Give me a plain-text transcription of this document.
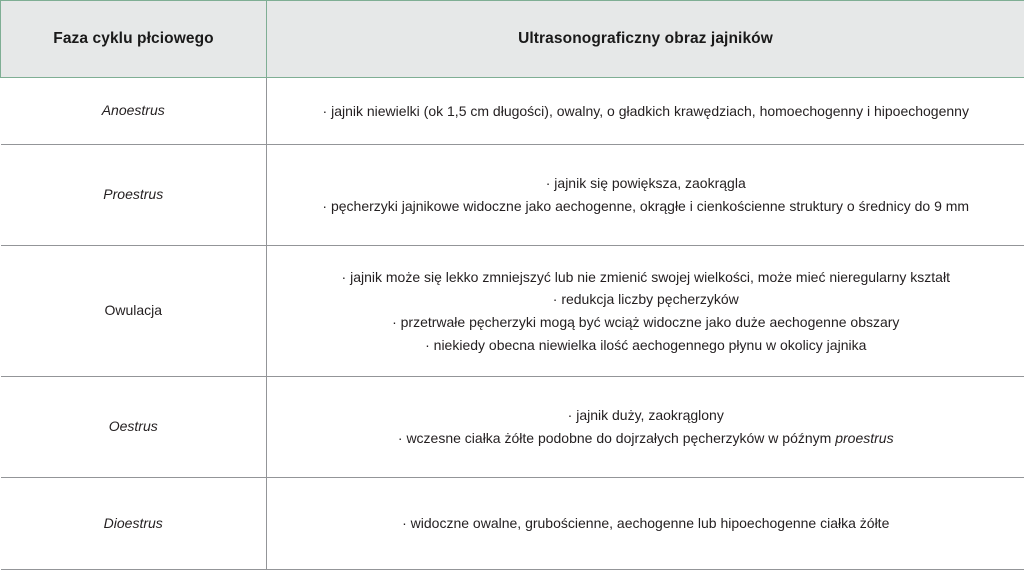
Faza cyklu płciowego	Ultrasonograficzny obraz jajników

Anoestrus	· jajnik niewielki (ok 1,5 cm długości), owalny, o gładkich krawędziach, homoechogenny i hipoechogenny

Proestrus	· jajnik się powiększa, zaokrągla
· pęcherzyki jajnikowe widoczne jako aechogenne, okrągłe i cienkościenne struktury o średnicy do 9 mm

Owulacja	· jajnik może się lekko zmniejszyć lub nie zmienić swojej wielkości, może mieć nieregularny kształt
· redukcja liczby pęcherzyków
· przetrwałe pęcherzyki mogą być wciąż widoczne jako duże aechogenne obszary
· niekiedy obecna niewielka ilość aechogennego płynu w okolicy jajnika

Oestrus	· jajnik duży, zaokrąglony
· wczesne ciałka żółte podobne do dojrzałych pęcherzyków w późnym proestrus

Dioestrus	· widoczne owalne, grubościenne, aechogenne lub hipoechogenne ciałka żółte
